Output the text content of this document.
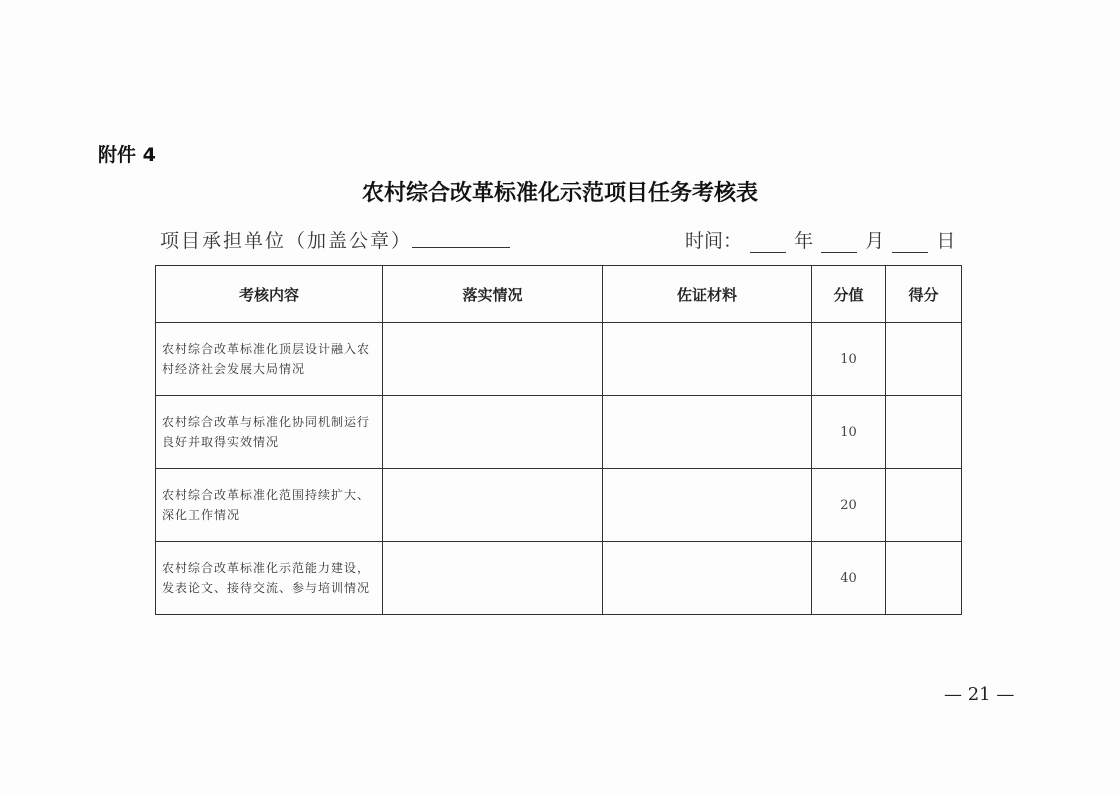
附件 4
农村综合改革标准化示范项目任务考核表
项目承担单位（加盖公章）	时间：	年	月	日
考核内容	落实情况	佐证材料	分值	得分
农村综合改革标准化顶层设计融入农村经济社会发展大局情况			10	
农村综合改革与标准化协同机制运行良好并取得实效情况			10	
农村综合改革标准化范围持续扩大、深化工作情况			20	
农村综合改革标准化示范能力建设，发表论文、接待交流、参与培训情况			40	
— 21 —
